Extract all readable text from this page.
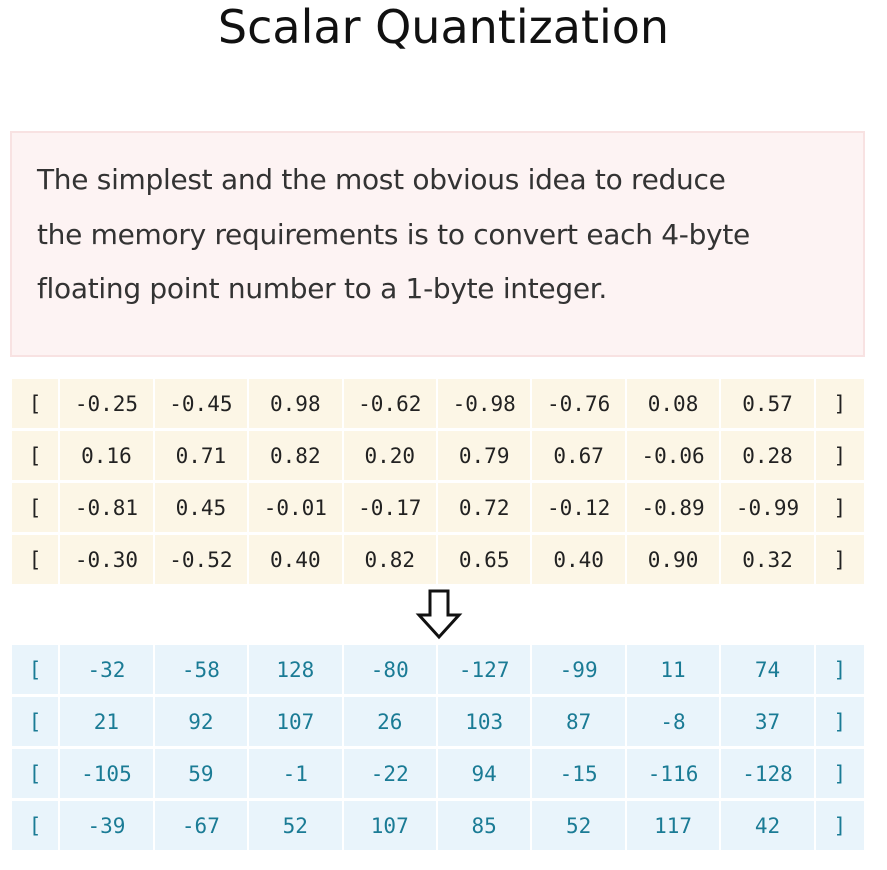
Scalar Quantization

The simplest and the most obvious idea to reduce

the memory requirements is to convert each 4-byte

floating point number to a 1-byte integer.

[	-0.25	-0.45	0.98	-0.62	-0.98	-0.76	0.08	0.57	]
[	0.16	0.71	0.82	0.20	0.79	0.67	-0.06	0.28	]
[	-0.81	0.45	-0.01	-0.17	0.72	-0.12	-0.89	-0.99	]
[	-0.30	-0.52	0.40	0.82	0.65	0.40	0.90	0.32	]
[	-32	-58	128	-80	-127	-99	11	74	]
[	21	92	107	26	103	87	-8	37	]
[	-105	59	-1	-22	94	-15	-116	-128	]
[	-39	-67	52	107	85	52	117	42	]
